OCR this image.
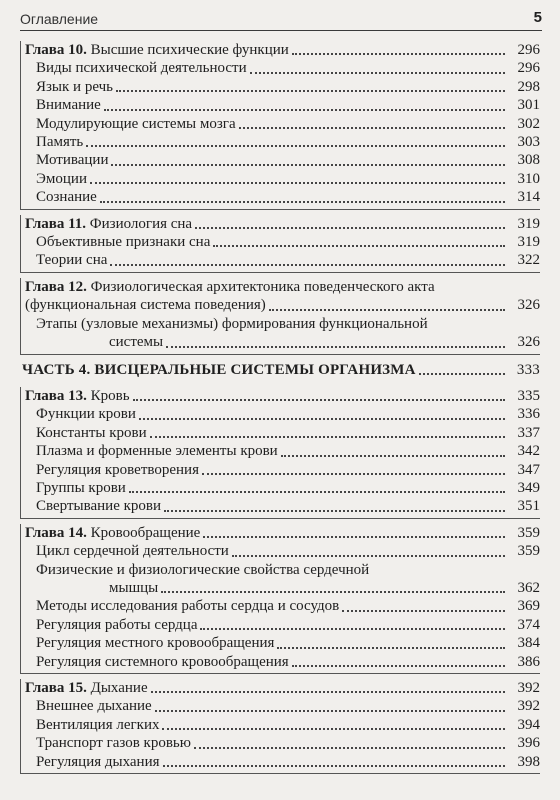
Оглавление	5
Глава 10. Высшие психические функции	296
Виды психической деятельности	296
Язык и речь	298
Внимание	301
Модулирующие системы мозга	302
Память	303
Мотивации	308
Эмоции	310
Сознание	314
Глава 11. Физиология сна	319
Объективные признаки сна	319
Теории сна	322
Глава 12. Физиологическая архитектоника поведенческого акта
(функциональная система поведения)	326
Этапы (узловые механизмы) формирования функциональной
системы	326
ЧАСТЬ 4. ВИСЦЕРАЛЬНЫЕ СИСТЕМЫ ОРГАНИЗМА	333
Глава 13. Кровь	335
Функции крови	336
Константы крови	337
Плазма и форменные элементы крови	342
Регуляция кроветворения	347
Группы крови	349
Свертывание крови	351
Глава 14. Кровообращение	359
Цикл сердечной деятельности	359
Физические и физиологические свойства сердечной
мышцы	362
Методы исследования работы сердца и сосудов	369
Регуляция работы сердца	374
Регуляция местного кровообращения	384
Регуляция системного кровообращения	386
Глава 15. Дыхание	392
Внешнее дыхание	392
Вентиляция легких	394
Транспорт газов кровью	396
Регуляция дыхания	398
